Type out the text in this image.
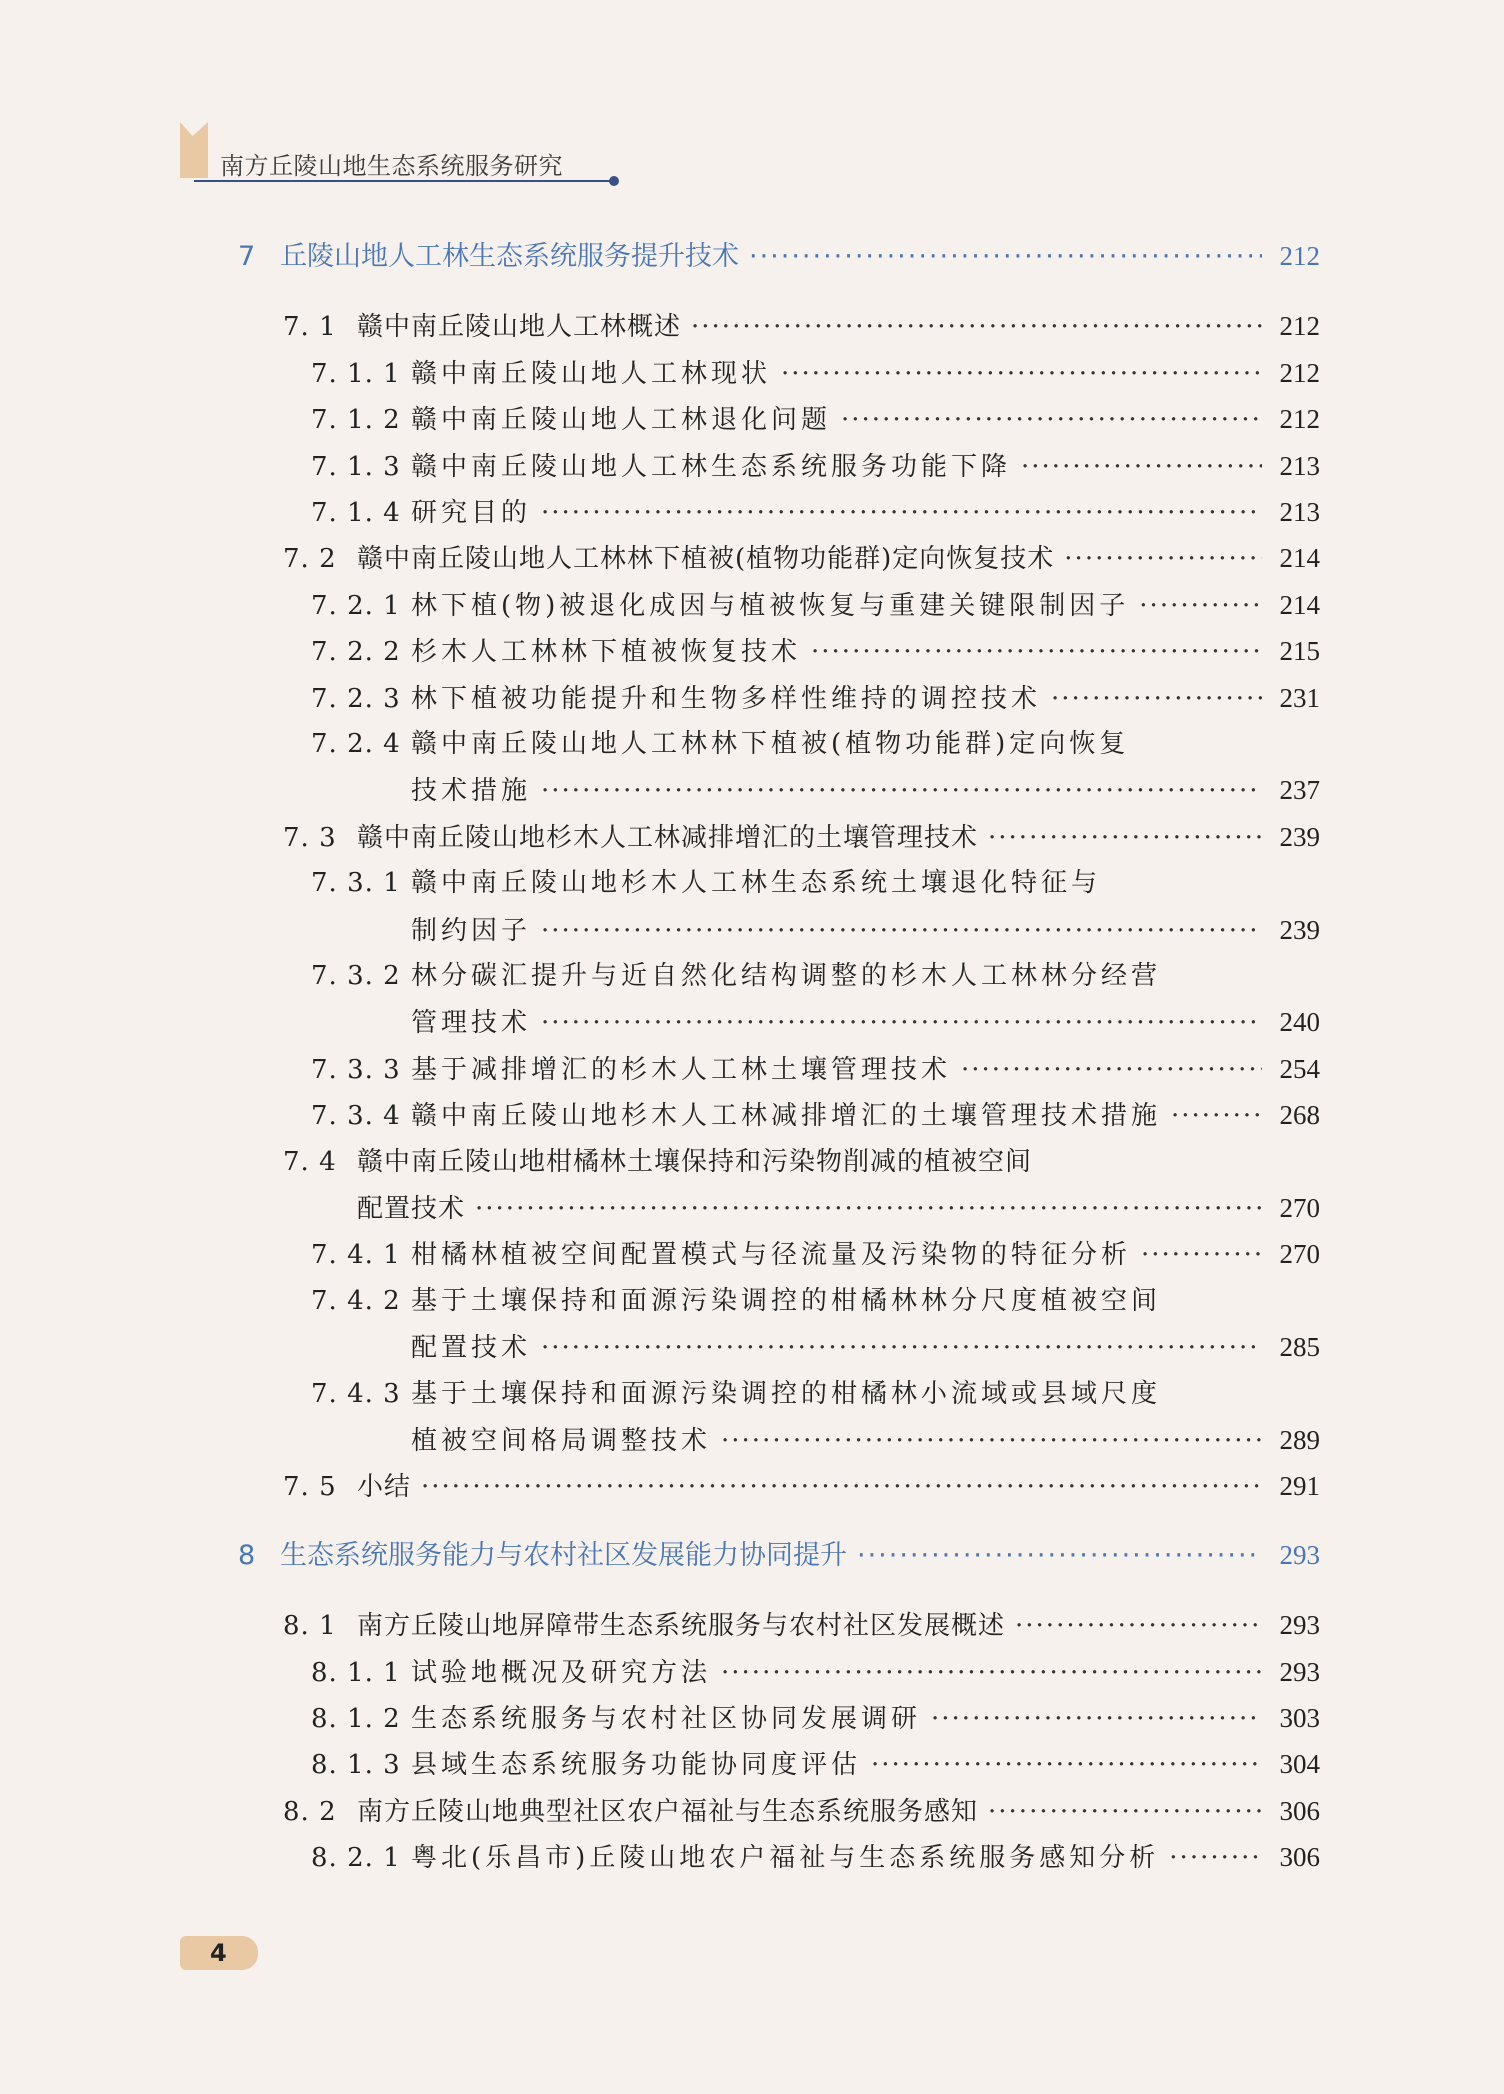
南方丘陵山地生态系统服务研究
7 丘陵山地人工林生态系统服务提升技术 ·····	212
7. 1 赣中南丘陵山地人工林概述 ·····	212
7. 1. 1 赣中南丘陵山地人工林现状 ·····	212
7. 1. 2 赣中南丘陵山地人工林退化问题 ·····	212
7. 1. 3 赣中南丘陵山地人工林生态系统服务功能下降 ·····	213
7. 1. 4 研究目的 ·····	213
7. 2 赣中南丘陵山地人工林林下植被(植物功能群)定向恢复技术 ·····	214
7. 2. 1 林下植(物)被退化成因与植被恢复与重建关键限制因子 ·····	214
7. 2. 2 杉木人工林林下植被恢复技术 ·····	215
7. 2. 3 林下植被功能提升和生物多样性维持的调控技术 ·····	231
7. 2. 4 赣中南丘陵山地人工林林下植被(植物功能群)定向恢复
技术措施 ·····	237
7. 3 赣中南丘陵山地杉木人工林减排增汇的土壤管理技术 ·····	239
7. 3. 1 赣中南丘陵山地杉木人工林生态系统土壤退化特征与
制约因子 ·····	239
7. 3. 2 林分碳汇提升与近自然化结构调整的杉木人工林林分经营
管理技术 ·····	240
7. 3. 3 基于减排增汇的杉木人工林土壤管理技术 ·····	254
7. 3. 4 赣中南丘陵山地杉木人工林减排增汇的土壤管理技术措施 ·····	268
7. 4 赣中南丘陵山地柑橘林土壤保持和污染物削减的植被空间
配置技术 ·····	270
7. 4. 1 柑橘林植被空间配置模式与径流量及污染物的特征分析 ·····	270
7. 4. 2 基于土壤保持和面源污染调控的柑橘林林分尺度植被空间
配置技术 ·····	285
7. 4. 3 基于土壤保持和面源污染调控的柑橘林小流域或县域尺度
植被空间格局调整技术 ·····	289
7. 5 小结 ·····	291
8 生态系统服务能力与农村社区发展能力协同提升 ·····	293
8. 1 南方丘陵山地屏障带生态系统服务与农村社区发展概述 ·····	293
8. 1. 1 试验地概况及研究方法 ·····	293
8. 1. 2 生态系统服务与农村社区协同发展调研 ·····	303
8. 1. 3 县域生态系统服务功能协同度评估 ·····	304
8. 2 南方丘陵山地典型社区农户福祉与生态系统服务感知 ·····	306
8. 2. 1 粤北(乐昌市)丘陵山地农户福祉与生态系统服务感知分析 ·····	306
4
